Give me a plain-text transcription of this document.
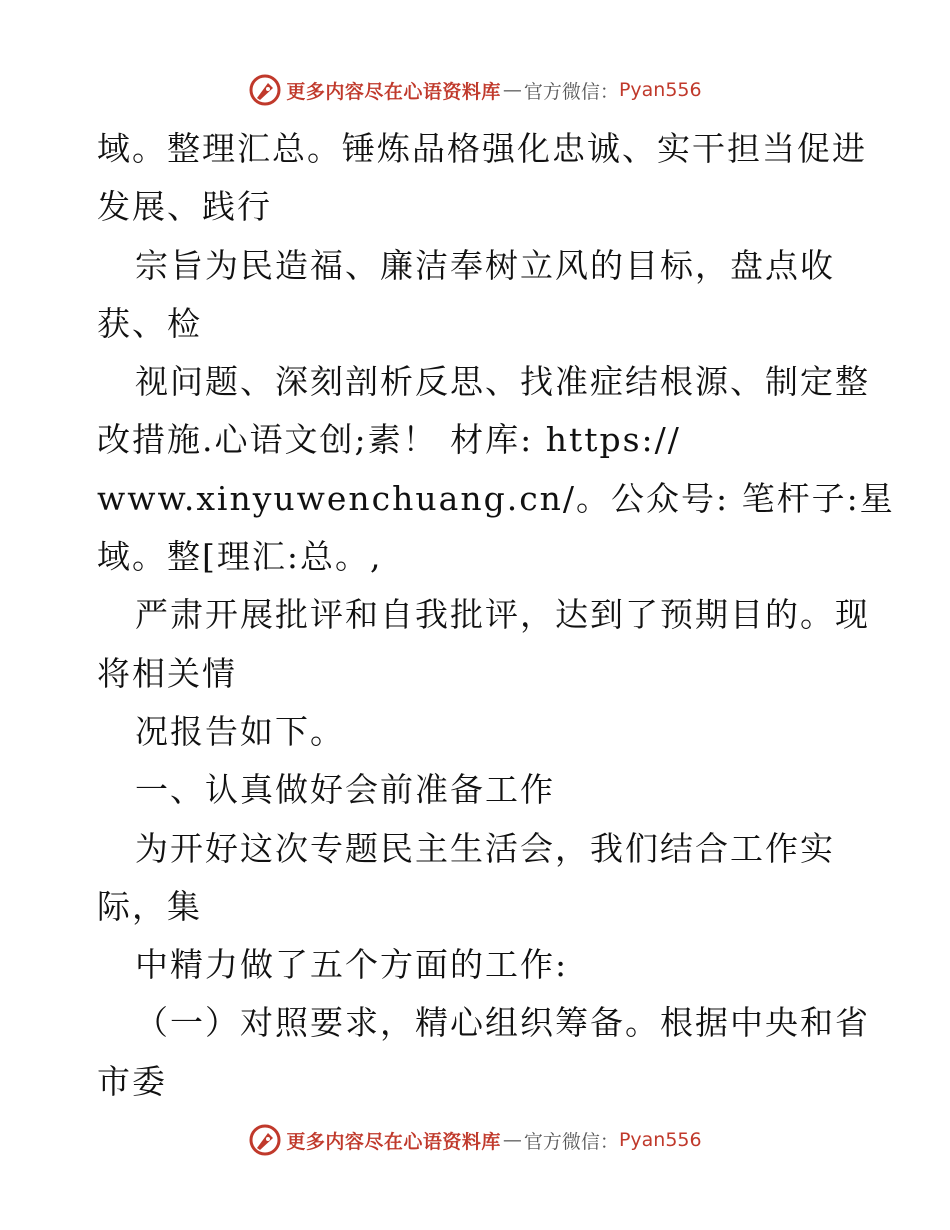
更多内容尽在心语资料库 — 官方微信： Pyan556
域。整理汇总。锤炼品格强化忠诚、实干担当促进
发展、践行
宗旨为民造福、廉洁奉树立风的目标，盘点收
获、检
视问题、深刻剖析反思、找准症结根源、制定整
改措施.心语文创;素！ 材库: https://
www.xinyuwenchuang.cn/。公众号: 笔杆子:星
域。整[理汇:总。,
严肃开展批评和自我批评，达到了预期目的。现
将相关情
况报告如下。
一、认真做好会前准备工作
为开好这次专题民主生活会，我们结合工作实
际，集
中精力做了五个方面的工作:
（一）对照要求，精心组织筹备。根据中央和省
市委
更多内容尽在心语资料库 — 官方微信： Pyan556
